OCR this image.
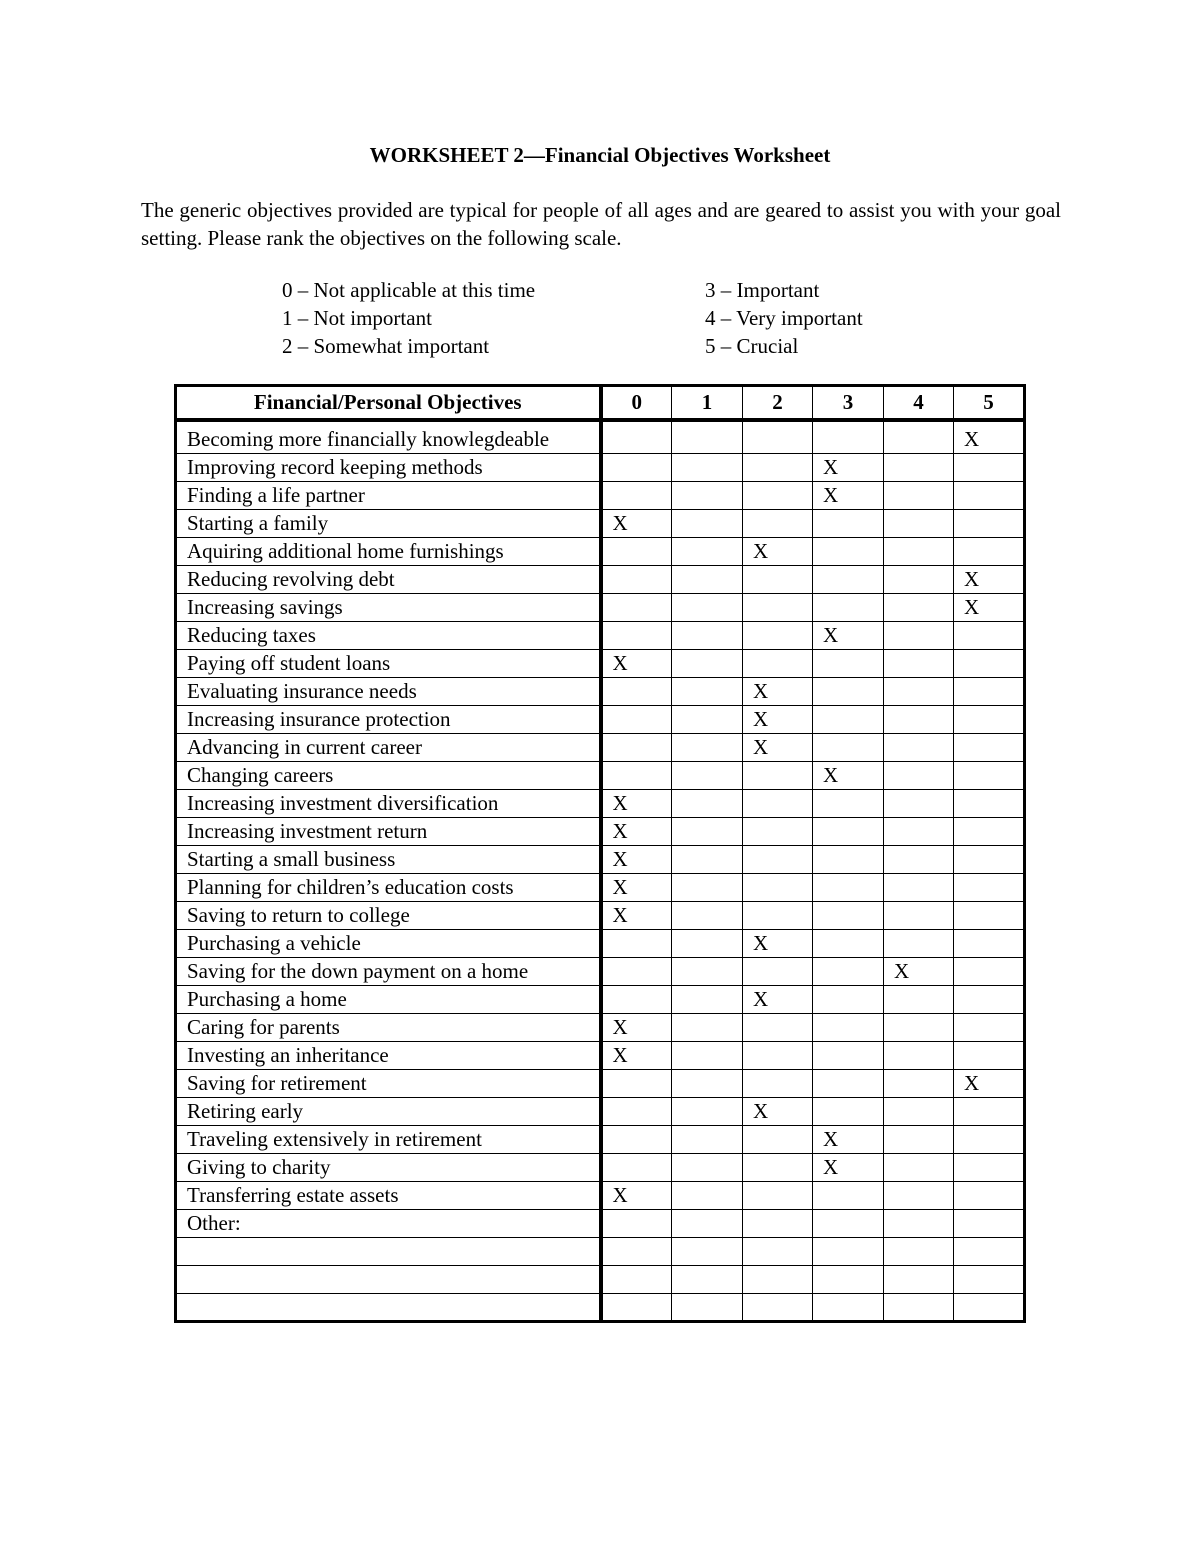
WORKSHEET 2—Financial Objectives Worksheet
The generic objectives provided are typical for people of all ages and are geared to assist you with your goal setting. Please rank the objectives on the following scale.
0 – Not applicable at this time
1 – Not important
2 – Somewhat important
3 – Important
4 – Very important
5 – Crucial
Financial/Personal Objectives	0	1	2	3	4	5
Becoming more financially knowlegdeable						X
Improving record keeping methods				X		
Finding a life partner				X		
Starting a family	X					
Aquiring additional home furnishings			X			
Reducing revolving debt						X
Increasing savings						X
Reducing taxes				X		
Paying off student loans	X					
Evaluating insurance needs			X			
Increasing insurance protection			X			
Advancing in current career			X			
Changing careers				X		
Increasing investment diversification	X					
Increasing investment return	X					
Starting a small business	X					
Planning for children’s education costs	X					
Saving to return to college	X					
Purchasing a vehicle			X			
Saving for the down payment on a home					X	
Purchasing a home			X			
Caring for parents	X					
Investing an inheritance	X					
Saving for retirement						X
Retiring early			X			
Traveling extensively in retirement				X		
Giving to charity				X		
Transferring estate assets	X					
Other:						
